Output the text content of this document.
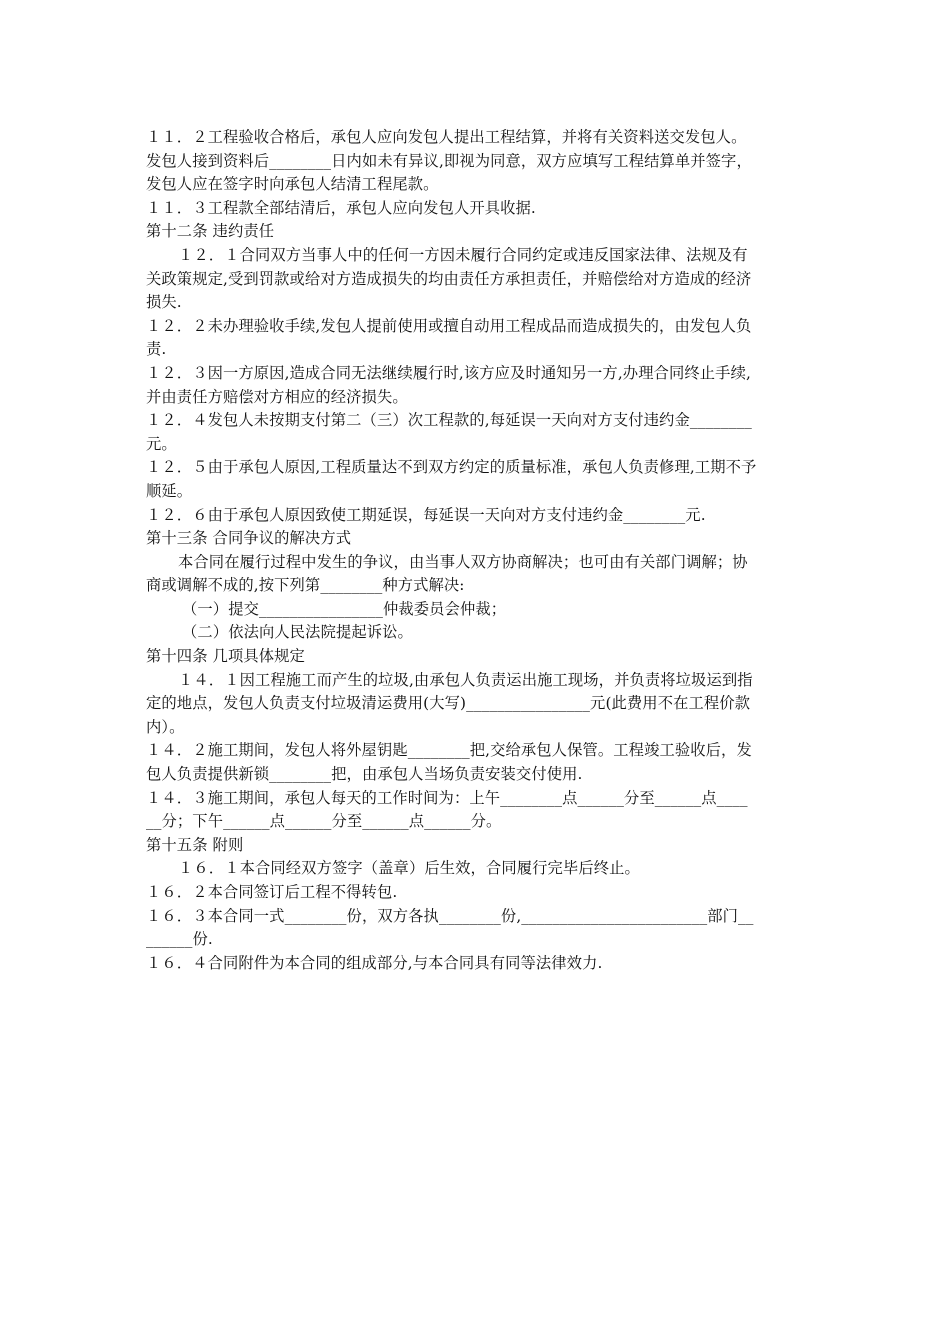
１１．２工程验收合格后，承包人应向发包人提出工程结算，并将有关资料送交发包人。
发包人接到资料后________日内如未有异议,即视为同意，双方应填写工程结算单并签字，
发包人应在签字时向承包人结清工程尾款。
１１．３工程款全部结清后，承包人应向发包人开具收据.
第十二条 违约责任
１２．１合同双方当事人中的任何一方因未履行合同约定或违反国家法律、法规及有
关政策规定,受到罚款或给对方造成损失的均由责任方承担责任，并赔偿给对方造成的经济
损失.
１２．２未办理验收手续,发包人提前使用或擅自动用工程成品而造成损失的，由发包人负
责.
１２．３因一方原因,造成合同无法继续履行时,该方应及时通知另一方,办理合同终止手续,
并由责任方赔偿对方相应的经济损失。
１２．４发包人未按期支付第二（三）次工程款的,每延误一天向对方支付违约金________
元。
１２．５由于承包人原因,工程质量达不到双方约定的质量标准，承包人负责修理,工期不予
顺延。
１２．６由于承包人原因致使工期延误，每延误一天向对方支付违约金________元.
第十三条 合同争议的解决方式
本合同在履行过程中发生的争议，由当事人双方协商解决；也可由有关部门调解；协
商或调解不成的,按下列第________种方式解决:
（一）提交________________仲裁委员会仲裁；
（二）依法向人民法院提起诉讼。
第十四条 几项具体规定
１４．１因工程施工而产生的垃圾,由承包人负责运出施工现场，并负责将垃圾运到指
定的地点，发包人负责支付垃圾清运费用(大写)________________元(此费用不在工程价款
内）。
１４．２施工期间，发包人将外屋钥匙________把,交给承包人保管。工程竣工验收后，发
包人负责提供新锁________把，由承包人当场负责安装交付使用.
１４．３施工期间，承包人每天的工作时间为：上午________点______分至______点____
__分；下午______点______分至______点______分。
第十五条 附则
１６．１本合同经双方签字（盖章）后生效，合同履行完毕后终止。
１６．２本合同签订后工程不得转包.
１６．３本合同一式________份，双方各执________份,________________________部门__
______份.
１６．４合同附件为本合同的组成部分,与本合同具有同等法律效力.
